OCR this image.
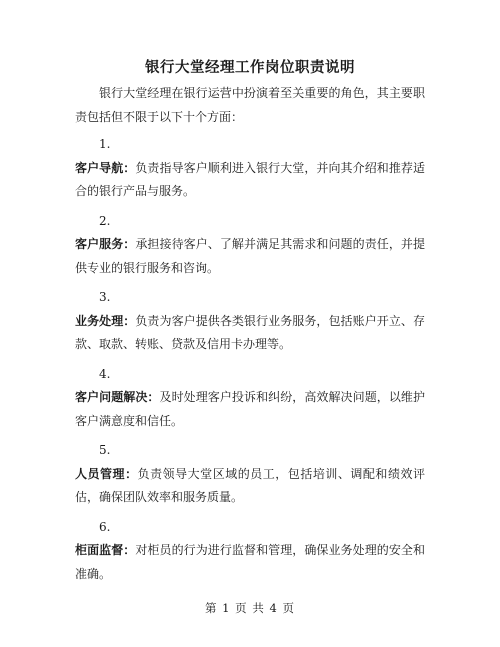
银行大堂经理工作岗位职责说明

银行大堂经理在银行运营中扮演着至关重要的角色，其主要职责包括但不限于以下十个方面：

1.

客户导航：负责指导客户顺利进入银行大堂，并向其介绍和推荐适合的银行产品与服务。

2.

客户服务：承担接待客户、了解并满足其需求和问题的责任，并提供专业的银行服务和咨询。

3.

业务处理：负责为客户提供各类银行业务服务，包括账户开立、存款、取款、转账、贷款及信用卡办理等。

4.

客户问题解决：及时处理客户投诉和纠纷，高效解决问题，以维护客户满意度和信任。

5.

人员管理：负责领导大堂区域的员工，包括培训、调配和绩效评估，确保团队效率和服务质量。

6.

柜面监督：对柜员的行为进行监督和管理，确保业务处理的安全和准确。

第 1 页 共 4 页
